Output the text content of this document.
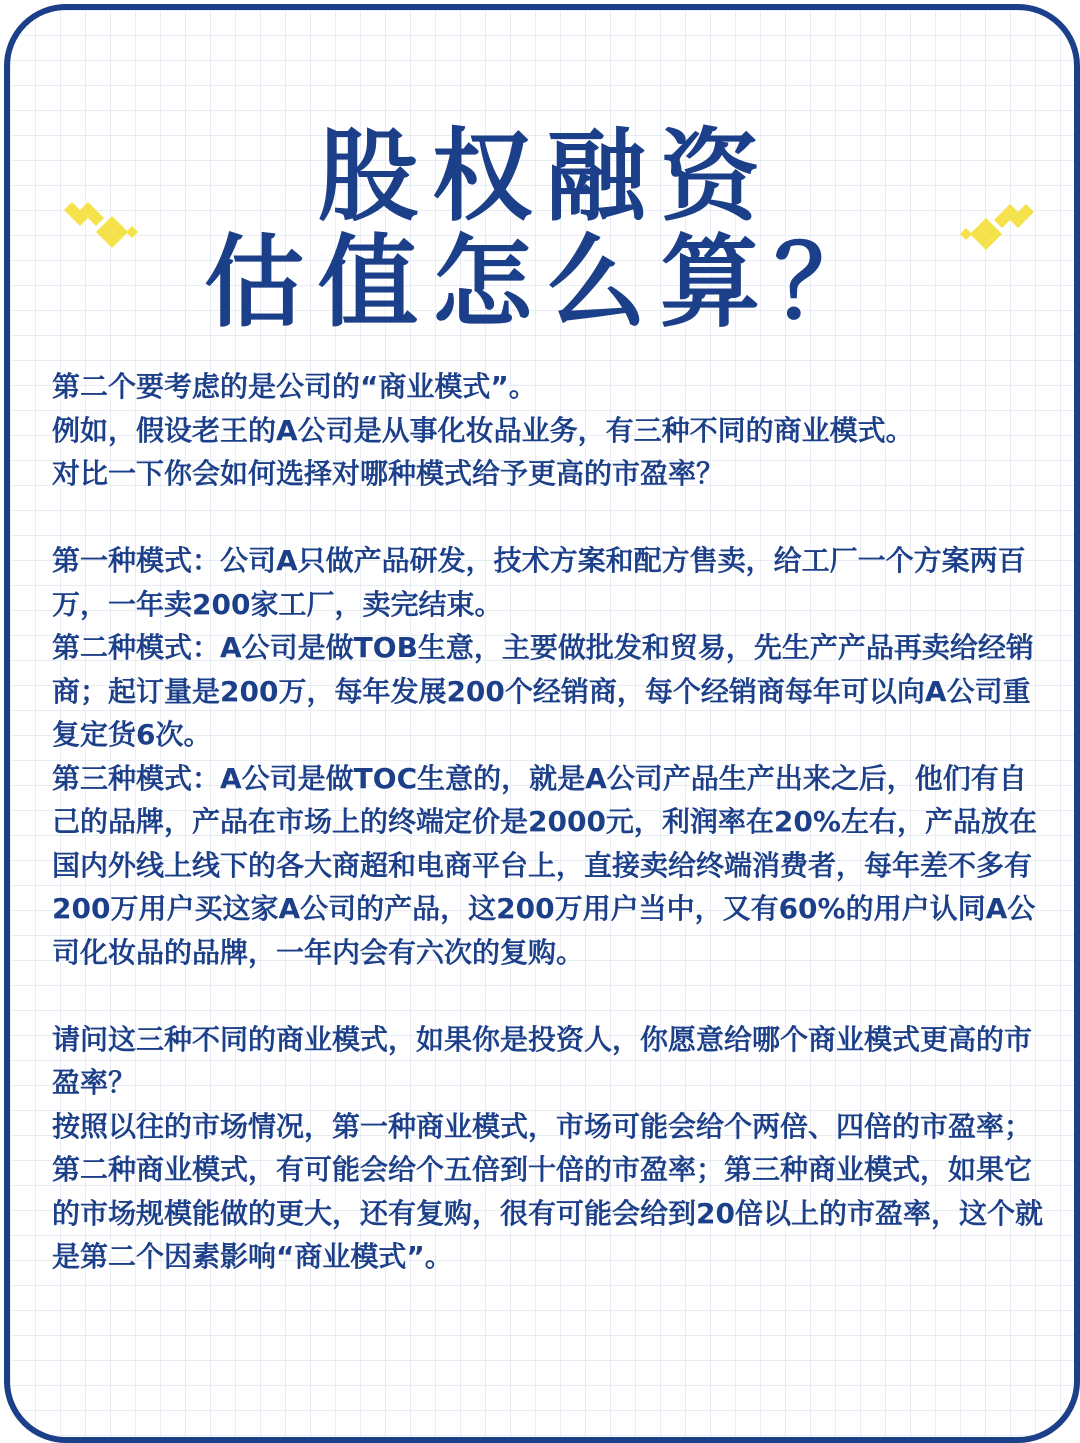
股权融资
估值怎么算？

第二个要考虑的是公司的“商业模式”。
例如，假设老王的A公司是从事化妆品业务，有三种不同的商业模式。
对比一下你会如何选择对哪种模式给予更高的市盈率？

第一种模式：公司A只做产品研发，技术方案和配方售卖，给工厂一个方案两百万，一年卖200家工厂，卖完结束。

第二种模式：A公司是做TOB生意，主要做批发和贸易，先生产产品再卖给经销商；起订量是200万，每年发展200个经销商，每个经销商每年可以向A公司重复定货6次。

第三种模式：A公司是做TOC生意的，就是A公司产品生产出来之后，他们有自己的品牌，产品在市场上的终端定价是2000元，利润率在20%左右，产品放在国内外线上线下的各大商超和电商平台上，直接卖给终端消费者，每年差不多有200万用户买这家A公司的产品，这200万用户当中，又有60%的用户认同A公司化妆品的品牌，一年内会有六次的复购。

请问这三种不同的商业模式，如果你是投资人，你愿意给哪个商业模式更高的市盈率？

按照以往的市场情况，第一种商业模式，市场可能会给个两倍、四倍的市盈率；第二种商业模式，有可能会给个五倍到十倍的市盈率；第三种商业模式，如果它的市场规模能做的更大，还有复购，很有可能会给到20倍以上的市盈率，这个就是第二个因素影响“商业模式”。
